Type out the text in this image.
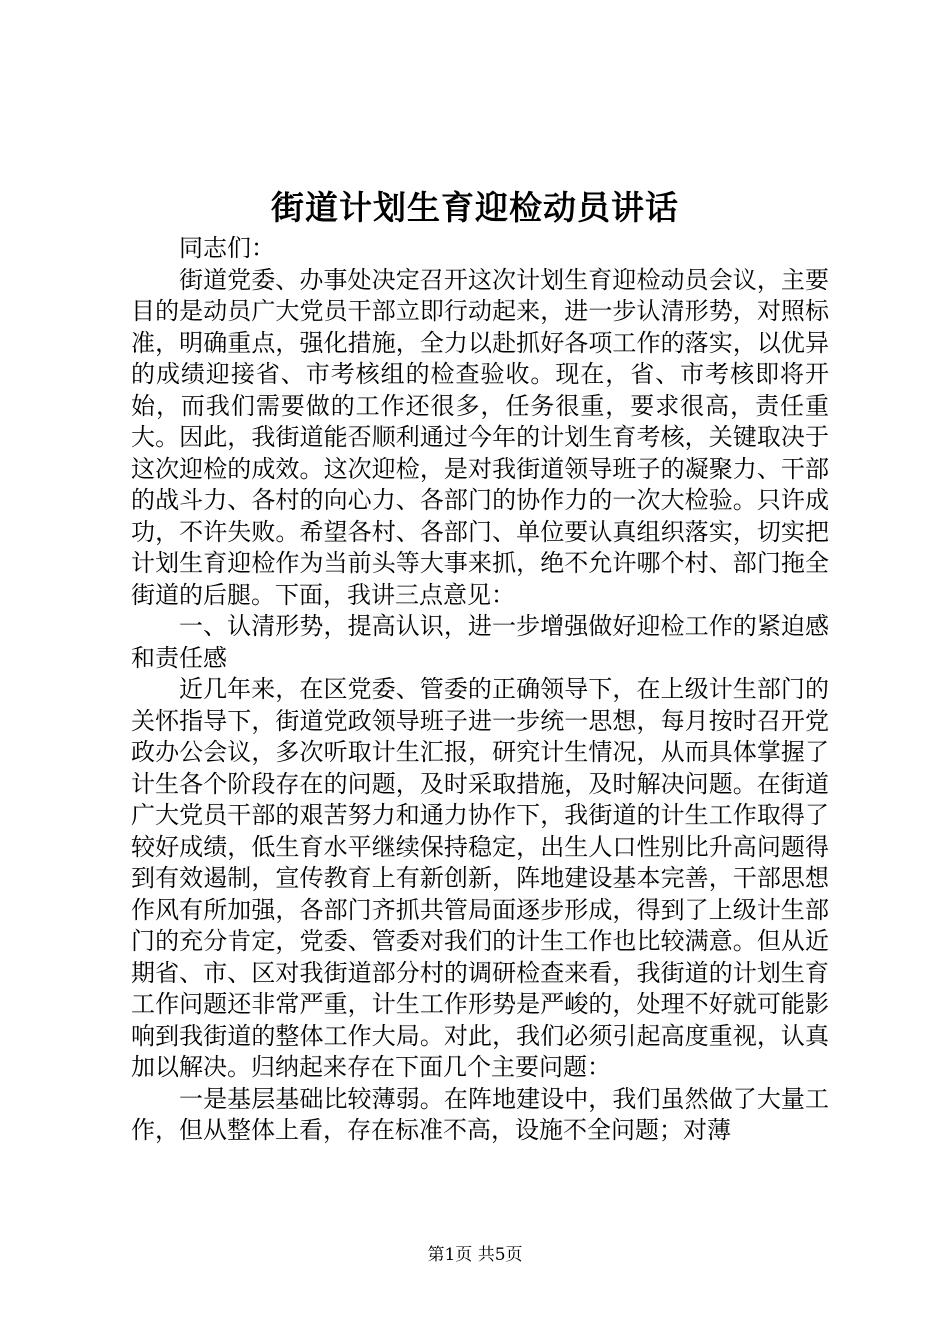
街道计划生育迎检动员讲话

同志们：

街道党委、办事处决定召开这次计划生育迎检动员会议，主要目的是动员广大党员干部立即行动起来，进一步认清形势，对照标准，明确重点，强化措施，全力以赴抓好各项工作的落实，以优异的成绩迎接省、市考核组的检查验收。现在，省、市考核即将开始，而我们需要做的工作还很多，任务很重，要求很高，责任重大。因此，我街道能否顺利通过今年的计划生育考核，关键取决于这次迎检的成效。这次迎检，是对我街道领导班子的凝聚力、干部的战斗力、各村的向心力、各部门的协作力的一次大检验。只许成功，不许失败。希望各村、各部门、单位要认真组织落实，切实把计划生育迎检作为当前头等大事来抓，绝不允许哪个村、部门拖全街道的后腿。下面，我讲三点意见：

一、认清形势，提高认识，进一步增强做好迎检工作的紧迫感和责任感

近几年来，在区党委、管委的正确领导下，在上级计生部门的关怀指导下，街道党政领导班子进一步统一思想，每月按时召开党政办公会议，多次听取计生汇报，研究计生情况，从而具体掌握了计生各个阶段存在的问题，及时采取措施，及时解决问题。在街道广大党员干部的艰苦努力和通力协作下，我街道的计生工作取得了较好成绩，低生育水平继续保持稳定，出生人口性别比升高问题得到有效遏制，宣传教育上有新创新，阵地建设基本完善，干部思想作风有所加强，各部门齐抓共管局面逐步形成，得到了上级计生部门的充分肯定，党委、管委对我们的计生工作也比较满意。但从近期省、市、区对我街道部分村的调研检查来看，我街道的计划生育工作问题还非常严重，计生工作形势是严峻的，处理不好就可能影响到我街道的整体工作大局。对此，我们必须引起高度重视，认真加以解决。归纳起来存在下面几个主要问题：

一是基层基础比较薄弱。在阵地建设中，我们虽然做了大量工作，但从整体上看，存在标准不高，设施不全问题；对薄

第1页 共5页
